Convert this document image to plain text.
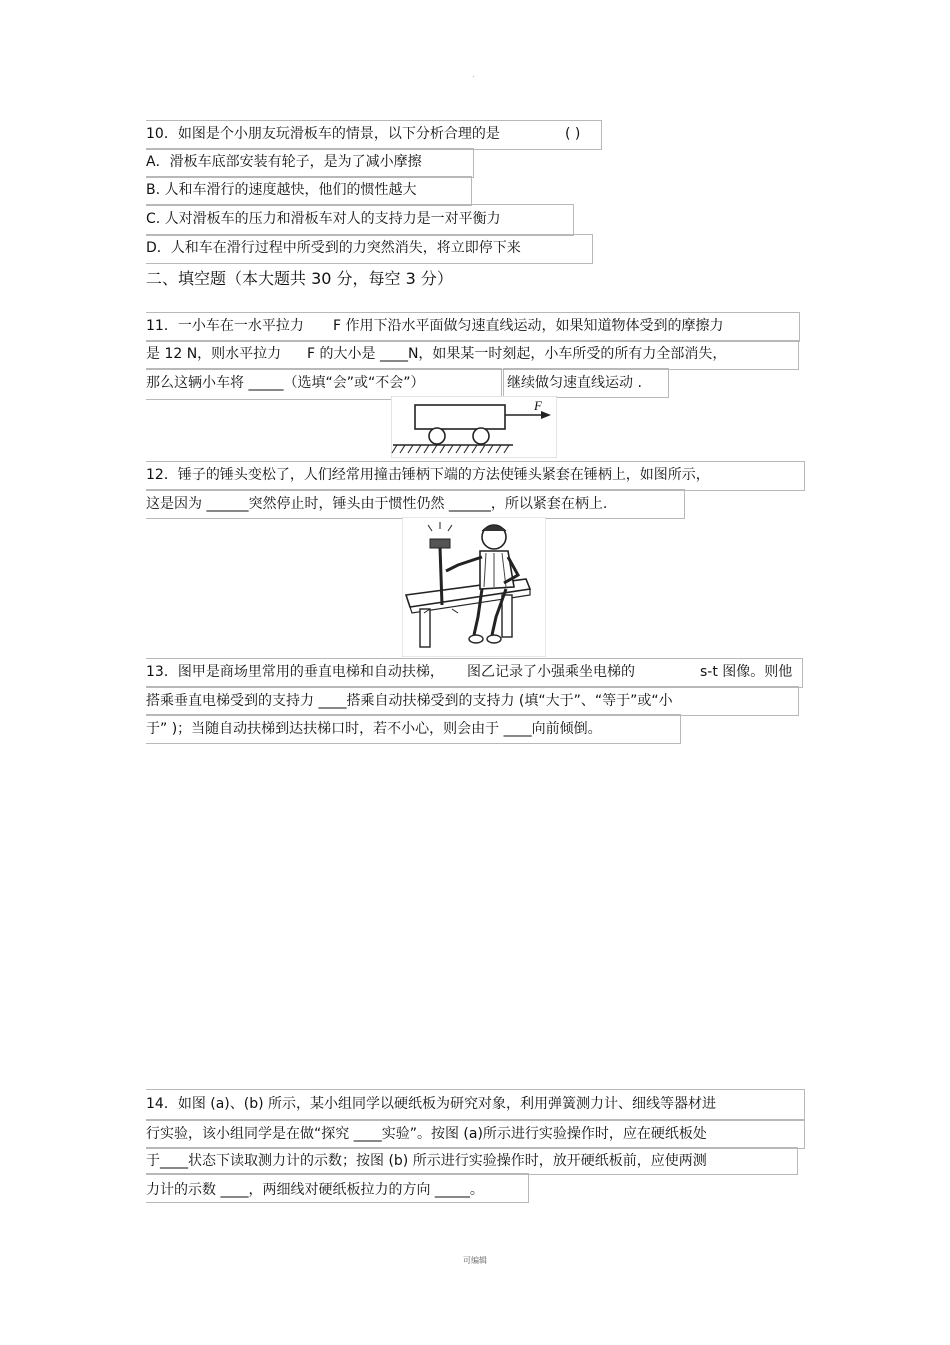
.
10．如图是个小朋友玩滑板车的情景，以下分析合理的是	( )
A．滑板车底部安装有轮子，是为了减小摩擦
B. 人和车滑行的速度越快，他们的惯性越大
C. 人对滑板车的压力和滑板车对人的支持力是一对平衡力
D．人和车在滑行过程中所受到的力突然消失，将立即停下来
二、填空题（本大题共 30 分，每空 3 分）
11．一小车在一水平拉力 F 作用下沿水平面做匀速直线运动，如果知道物体受到的摩擦力
是 12 N，则水平拉力 F 的大小是 ____N，如果某一时刻起，小车所受的所有力全部消失，
那么这辆小车将 _____（选填“会”或“不会”）	继续做匀速直线运动 .
F
12．锤子的锤头变松了，人们经常用撞击锤柄下端的方法使锤头紧套在锤柄上，如图所示，
这是因为 ______突然停止时，锤头由于惯性仍然 ______，所以紧套在柄上.
13．图甲是商场里常用的垂直电梯和自动扶梯， 图乙记录了小强乘坐电梯的	s-t 图像。则他
搭乘垂直电梯受到的支持力 ____搭乘自动扶梯受到的支持力 (填“大于”、“等于”或“小
于” )；当随自动扶梯到达扶梯口时，若不小心，则会由于 ____向前倾倒。
14．如图 (a)、(b) 所示，某小组同学以硬纸板为研究对象，利用弹簧测力计、细线等器材进
行实验，该小组同学是在做“探究 ____实验”。按图 (a)所示进行实验操作时，应在硬纸板处
于____状态下读取测力计的示数；按图 (b) 所示进行实验操作时，放开硬纸板前，应使两测
力计的示数 ____，两细线对硬纸板拉力的方向 _____。
可编辑
